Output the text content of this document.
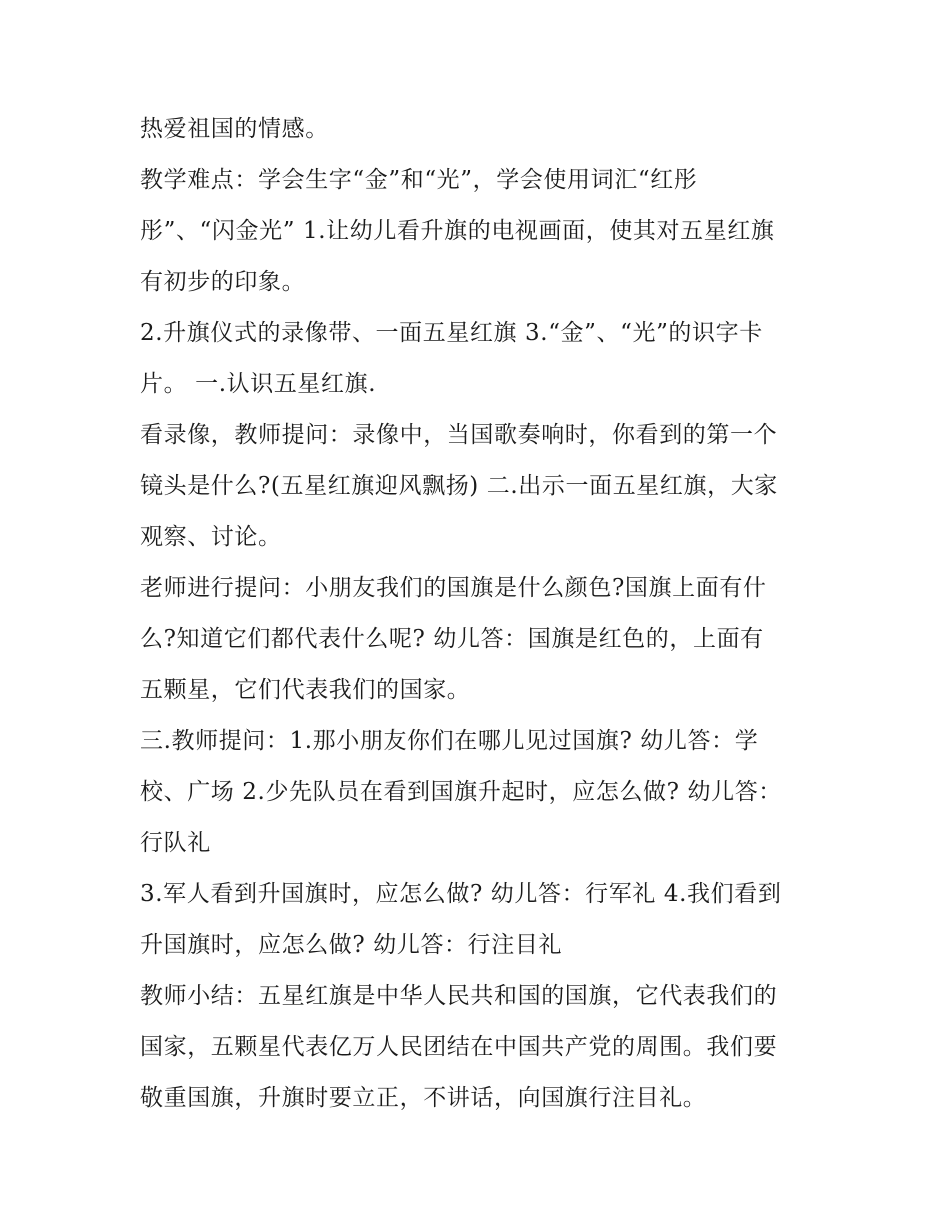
热爱祖国的情感。
教学难点：学会生字“金”和“光”，学会使用词汇“红彤
彤”、“闪金光” 1.让幼儿看升旗的电视画面，使其对五星红旗
有初步的印象。
2.升旗仪式的录像带、一面五星红旗 3.“金”、“光”的识字卡
片。 一.认识五星红旗.
看录像，教师提问：录像中，当国歌奏响时，你看到的第一个
镜头是什么?(五星红旗迎风飘扬) 二.出示一面五星红旗，大家
观察、讨论。
老师进行提问：小朋友我们的国旗是什么颜色?国旗上面有什
么?知道它们都代表什么呢? 幼儿答：国旗是红色的，上面有
五颗星，它们代表我们的国家。
三.教师提问：1.那小朋友你们在哪儿见过国旗? 幼儿答：学
校、广场 2.少先队员在看到国旗升起时，应怎么做? 幼儿答：
行队礼
3.军人看到升国旗时，应怎么做? 幼儿答：行军礼 4.我们看到
升国旗时，应怎么做? 幼儿答：行注目礼
教师小结：五星红旗是中华人民共和国的国旗，它代表我们的
国家，五颗星代表亿万人民团结在中国共产党的周围。我们要
敬重国旗，升旗时要立正，不讲话，向国旗行注目礼。
